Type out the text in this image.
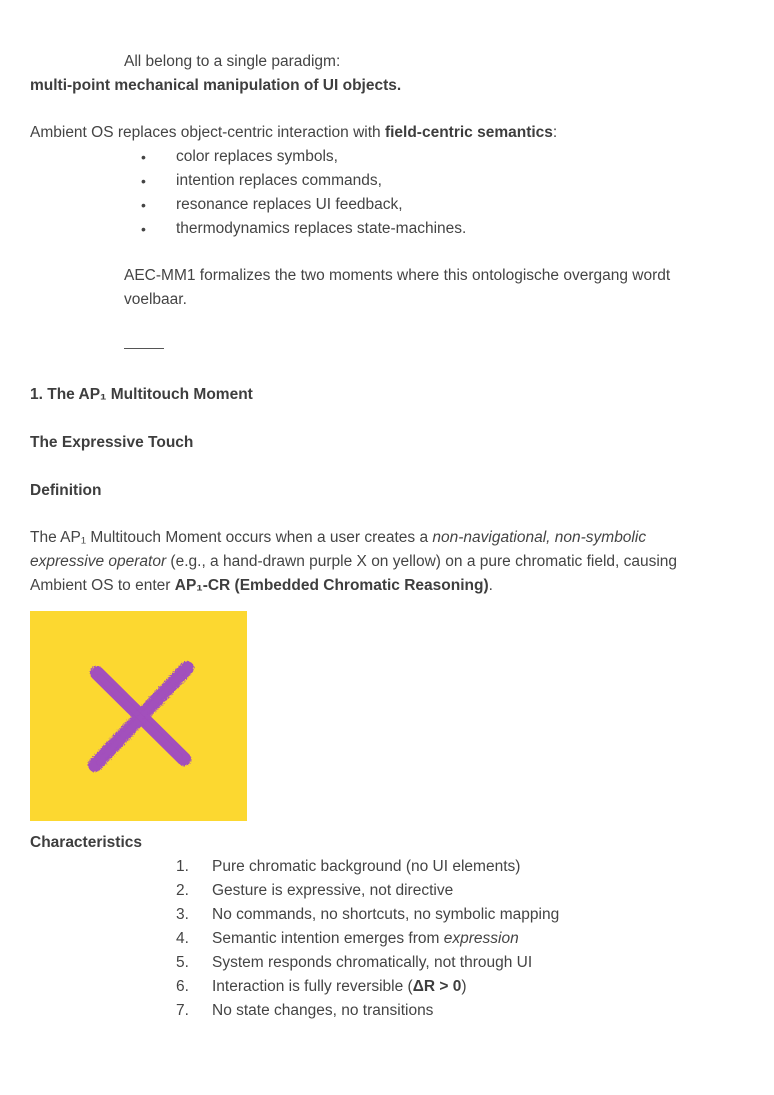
All belong to a single paradigm:
multi-point mechanical manipulation of UI objects.
Ambient OS replaces object-centric interaction with field-centric semantics:
• color replaces symbols,
• intention replaces commands,
• resonance replaces UI feedback,
• thermodynamics replaces state-machines.
AEC-MM1 formalizes the two moments where this ontologische overgang wordt
voelbaar.
1. The AP₁ Multitouch Moment
The Expressive Touch
Definition
The AP₁ Multitouch Moment occurs when a user creates a non-navigational, non-symbolic
expressive operator (e.g., a hand-drawn purple X on yellow) on a pure chromatic field, causing
Ambient OS to enter AP₁-CR (Embedded Chromatic Reasoning).
Characteristics
1. Pure chromatic background (no UI elements)
2. Gesture is expressive, not directive
3. No commands, no shortcuts, no symbolic mapping
4. Semantic intention emerges from expression
5. System responds chromatically, not through UI
6. Interaction is fully reversible (ΔR > 0)
7. No state changes, no transitions
